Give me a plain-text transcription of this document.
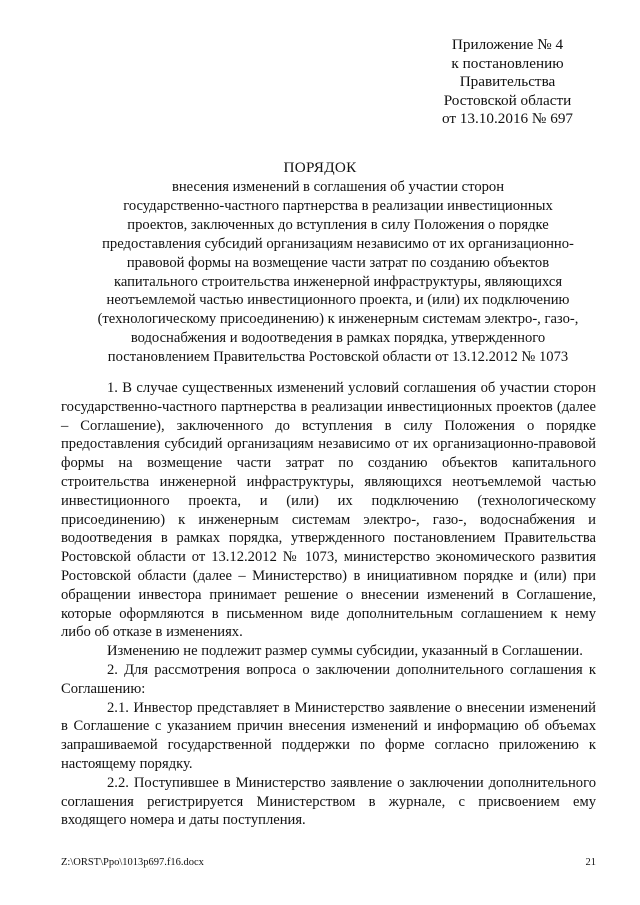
Приложение № 4
к постановлению
Правительства
Ростовской области
от 13.10.2016 № 697
ПОРЯДОК
внесения изменений в соглашения об участии сторон
государственно-частного партнерства в реализации инвестиционных
проектов, заключенных до вступления в силу Положения о порядке
предоставления субсидий организациям независимо от их организационно-
правовой формы на возмещение части затрат по созданию объектов
капитального строительства инженерной инфраструктуры, являющихся
неотъемлемой частью инвестиционного проекта, и (или) их подключению
(технологическому присоединению) к инженерным системам электро-, газо-,
водоснабжения и водоотведения в рамках порядка, утвержденного
постановлением Правительства Ростовской области от 13.12.2012 № 1073

1. В случае существенных изменений условий соглашения об участии сторон государственно-частного партнерства в реализации инвестиционных проектов (далее – Соглашение), заключенного до вступления в силу Положения о порядке предоставления субсидий организациям независимо от их организационно-правовой формы на возмещение части затрат по созданию объектов капитального строительства инженерной инфраструктуры, являющихся неотъемлемой частью инвестиционного проекта, и (или) их подключению (технологическому присоединению) к инженерным системам электро-, газо-, водоснабжения и водоотведения в рамках порядка, утвержденного постановлением Правительства Ростовской области от 13.12.2012 № 1073, министерство экономического развития Ростовской области (далее – Министерство) в инициативном порядке и (или) при обращении инвестора принимает решение о внесении изменений в Соглашение, которые оформляются в письменном виде дополнительным соглашением к нему либо об отказе в изменениях.

Изменению не подлежит размер суммы субсидии, указанный в Соглашении.

2. Для рассмотрения вопроса о заключении дополнительного соглашения к Соглашению:

2.1. Инвестор представляет в Министерство заявление о внесении изменений в Соглашение с указанием причин внесения изменений и информацию об объемах запрашиваемой государственной поддержки по форме согласно приложению к настоящему порядку.

2.2. Поступившее в Министерство заявление о заключении дополнительного соглашения регистрируется Министерством в журнале, с присвоением ему входящего номера и даты поступления.

Z:\ORST\Ppo\1013p697.f16.docx	21
